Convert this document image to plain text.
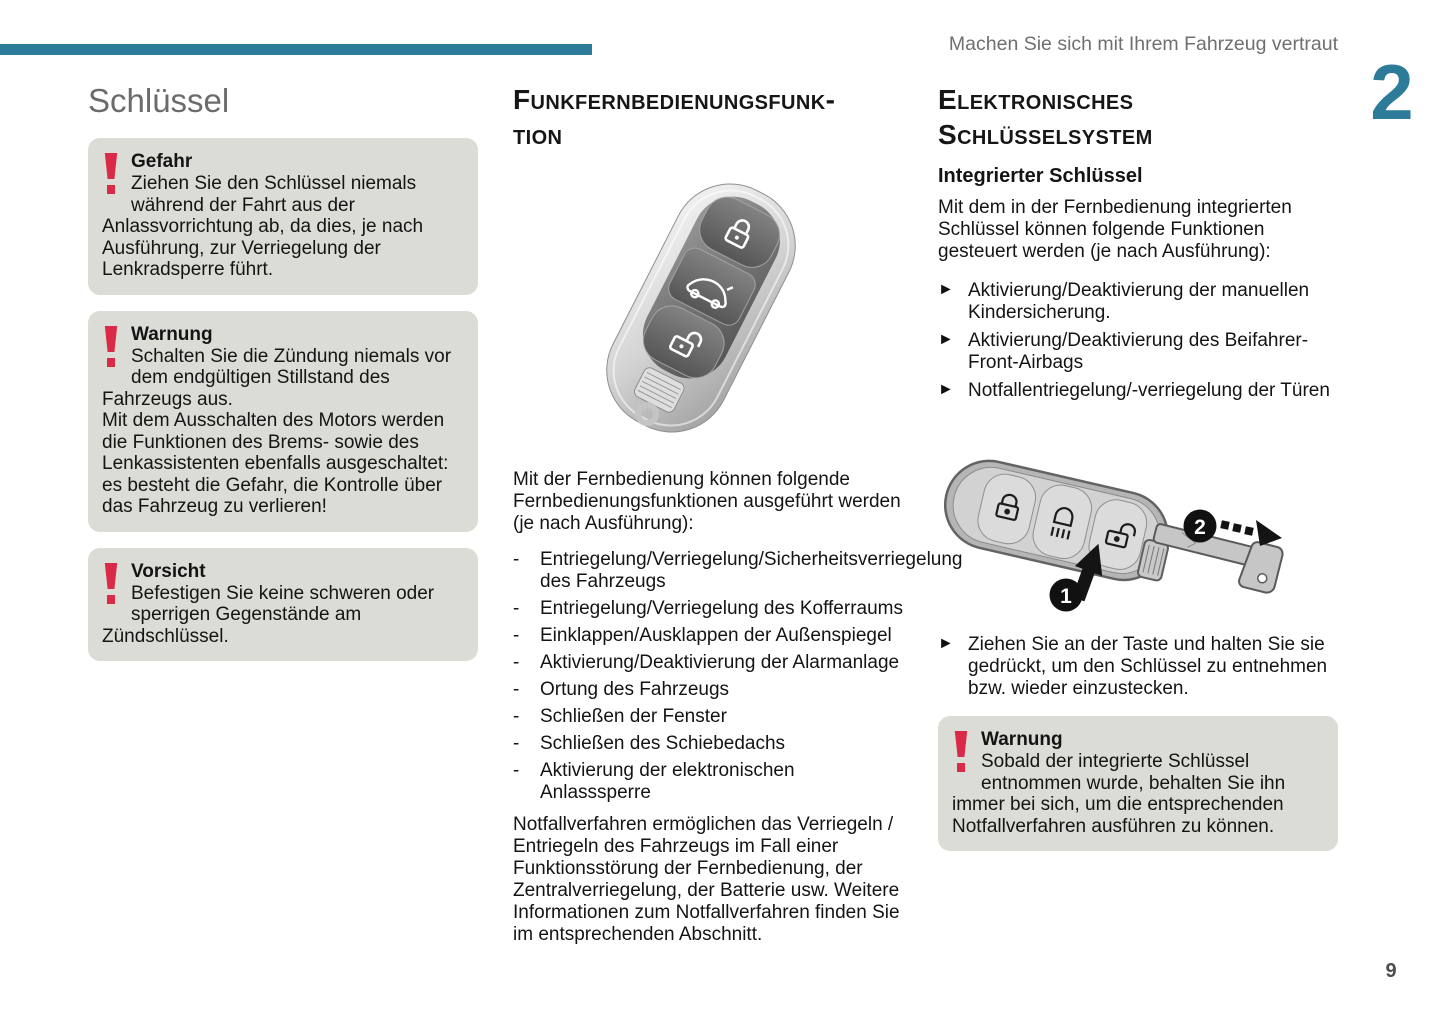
Machen Sie sich mit Ihrem Fahrzeug vertraut
2
Schlüssel
Gefahr

Ziehen Sie den Schlüssel niemals während der Fahrt aus der Anlassvorrichtung ab, da dies, je nach Ausführung, zur Verriegelung der Lenkradsperre führt.

Warnung

Schalten Sie die Zündung niemals vor dem endgültigen Stillstand des Fahrzeugs aus.

Mit dem Ausschalten des Motors werden die Funktionen des Brems- sowie des Lenkassistenten ebenfalls ausgeschaltet: es besteht die Gefahr, die Kontrolle über das Fahrzeug zu verlieren!

Vorsicht

Befestigen Sie keine schweren oder sperrigen Gegenstände am Zündschlüssel.

Funkfernbedienungsfunk-
tion

Mit der Fernbedienung können folgende Fernbedienungsfunktionen ausgeführt werden (je nach Ausführung):

-	Entriegelung/Verriegelung/Sicherheitsverriegelung des Fahrzeugs
-	Entriegelung/Verriegelung des Kofferraums
-	Einklappen/Ausklappen der Außenspiegel
-	Aktivierung/Deaktivierung der Alarmanlage
-	Ortung des Fahrzeugs
-	Schließen der Fenster
-	Schließen des Schiebedachs
-	Aktivierung der elektronischen Anlasssperre

Notfallverfahren ermöglichen das Verriegeln / Entriegeln des Fahrzeugs im Fall einer Funktionsstörung der Fernbedienung, der Zentralverriegelung, der Batterie usw. Weitere Informationen zum Notfallverfahren finden Sie im entsprechenden Abschnitt.

Elektronisches
Schlüsselsystem
Integrierter Schlüssel

Mit dem in der Fernbedienung integrierten Schlüssel können folgende Funktionen gesteuert werden (je nach Ausführung):

► Aktivierung/Deaktivierung der manuellen Kindersicherung.
► Aktivierung/Deaktivierung des Beifahrer-Front-Airbags
► Notfallentriegelung/-verriegelung der Türen
1
2
► Ziehen Sie an der Taste und halten Sie sie gedrückt, um den Schlüssel zu entnehmen bzw. wieder einzustecken.
Warnung

Sobald der integrierte Schlüssel entnommen wurde, behalten Sie ihn immer bei sich, um die entsprechenden Notfallverfahren ausführen zu können.

9
